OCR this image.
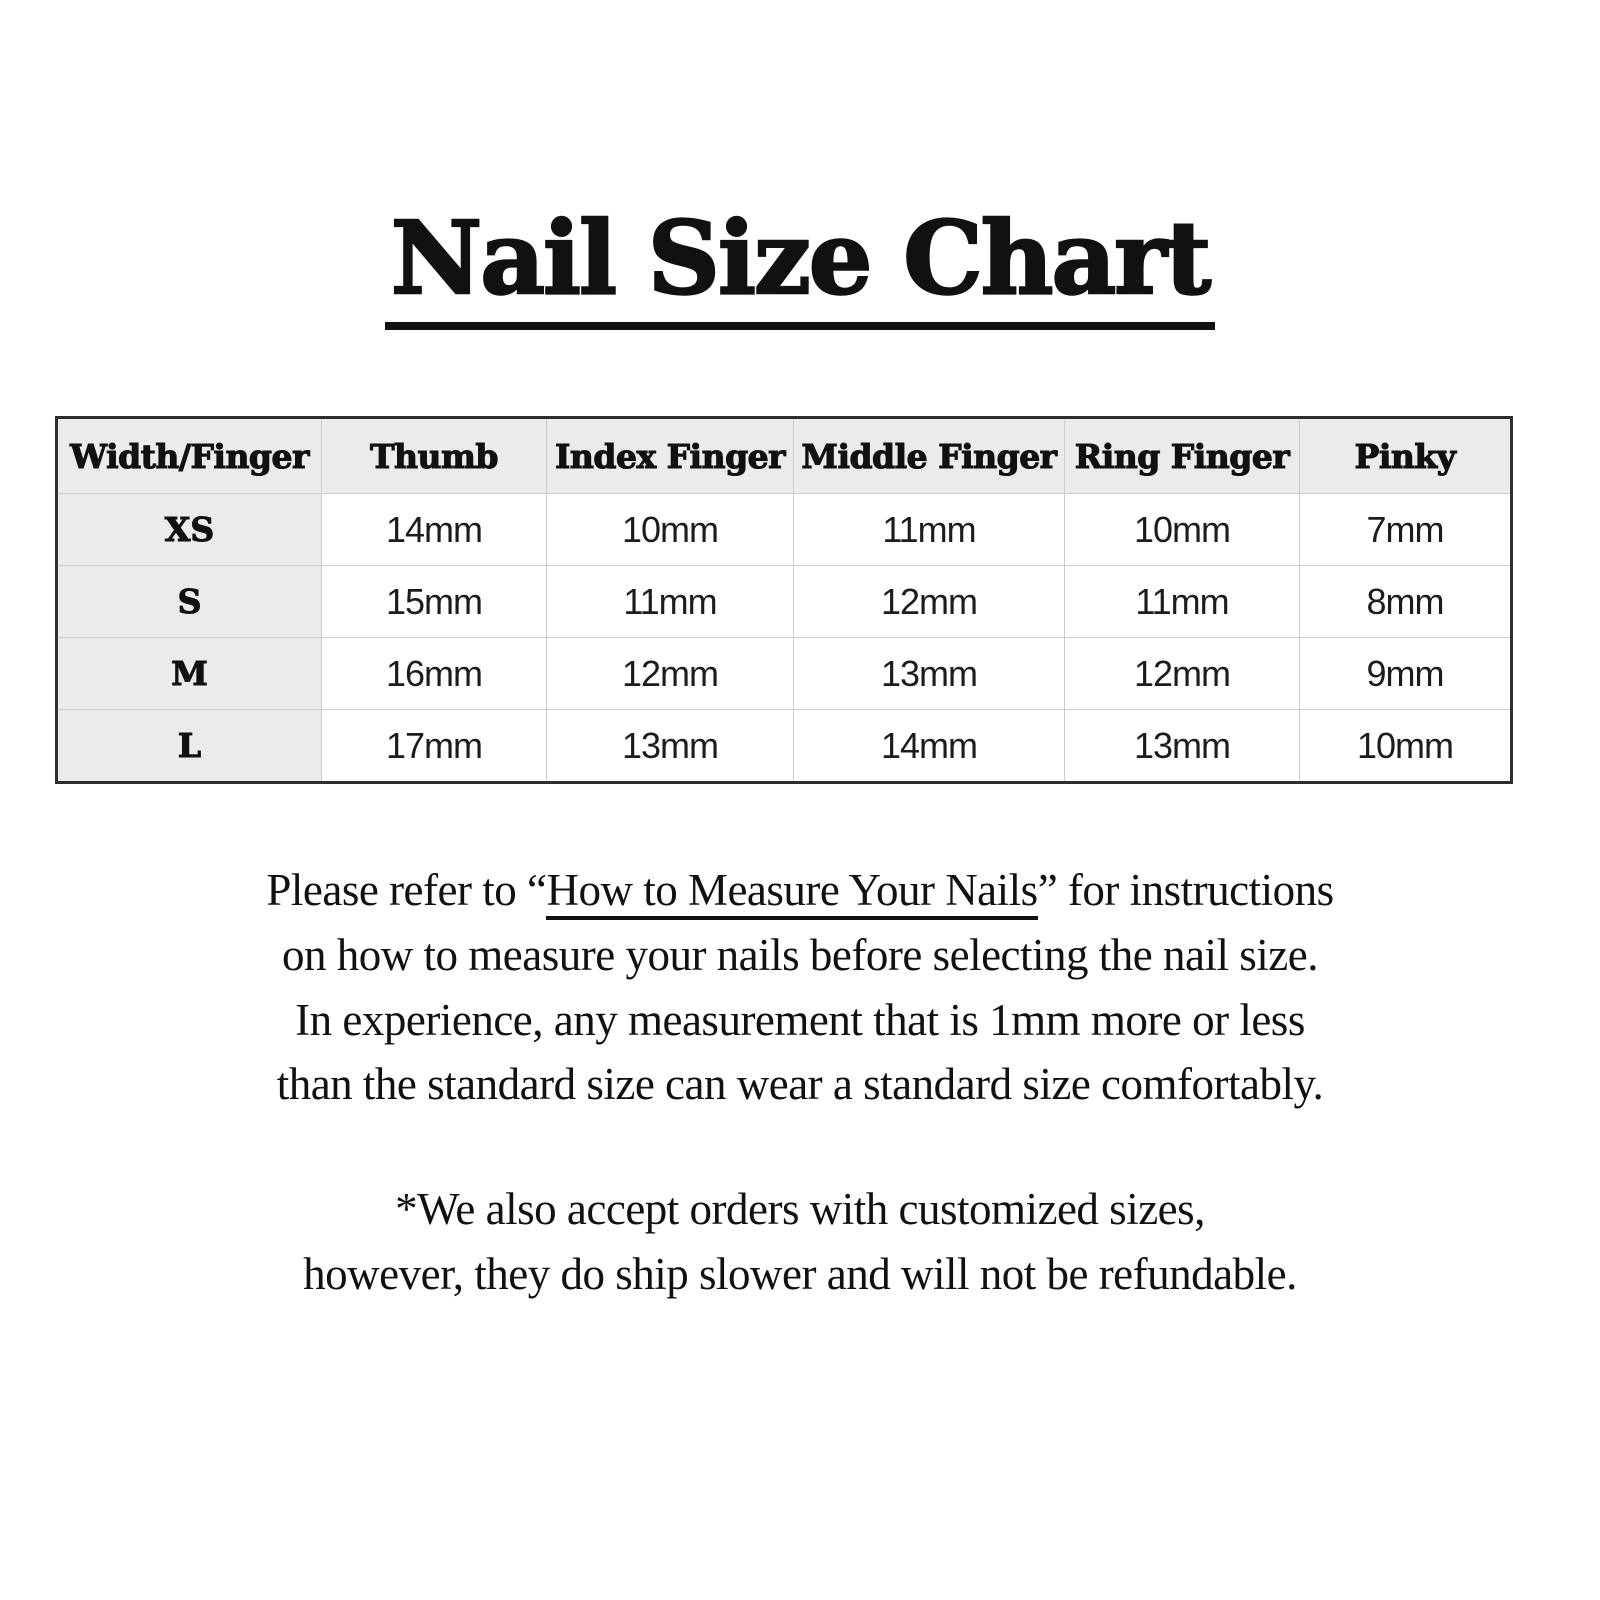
Nail Size Chart
Width/Finger	Thumb	Index Finger	Middle Finger	Ring Finger	Pinky
XS	14mm	10mm	11mm	10mm	7mm
S	15mm	11mm	12mm	11mm	8mm
M	16mm	12mm	13mm	12mm	9mm
L	17mm	13mm	14mm	13mm	10mm
Please refer to “How to Measure Your Nails” for instructions
on how to measure your nails before selecting the nail size.
In experience, any measurement that is 1mm more or less
than the standard size can wear a standard size comfortably.
*We also accept orders with customized sizes,
however, they do ship slower and will not be refundable.
